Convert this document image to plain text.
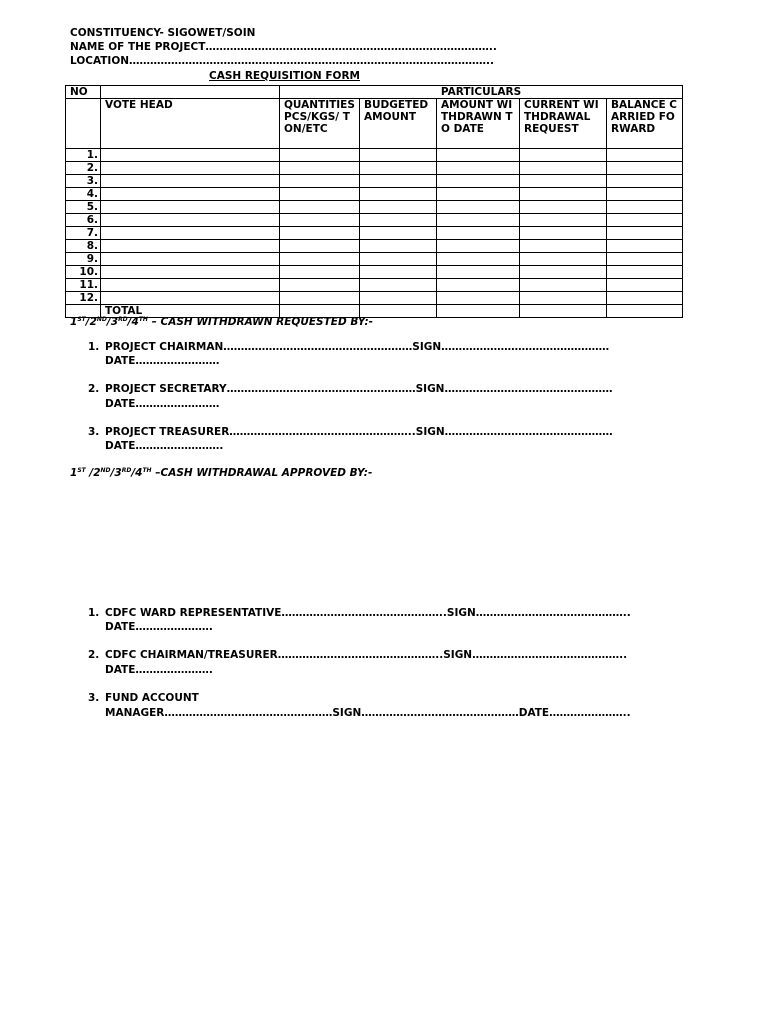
CONSTITUENCY- SIGOWET/SOIN
NAME OF THE PROJECT………………………………………………………………………..
LOCATION…………………………………………………………………………………………..
CASH REQUISITION FORM
NO		PARTICULARS				
	VOTE HEAD	QUANTITIES PCS/KGS/ TON/ETC	BUDGETED AMOUNT	AMOUNT WITHDRAWN TO DATE	CURRENT WITHDRAWAL REQUEST	BALANCE CARRIED FORWARD
1.						
2.						
3.						
4.						
5.						
6.						
7.						
8.						
9.						
10.						
11.						
12.						
	TOTAL					
1ST/2ND/3RD/4TH – CASH WITHDRAWN REQUESTED BY:-
1. PROJECT CHAIRMAN………………………………………………SIGN…………………………………………
DATE……………………
2. PROJECT SECRETARY………………………………………………SIGN…………………………………………
DATE……………………
3. PROJECT TREASURER……………………………………………..SIGN…………………………………………
DATE…………………….
1ST /2ND/3RD/4TH –CASH WITHDRAWAL APPROVED BY:-
1. CDFC WARD REPRESENTATIVE………………………………………..SIGN……………………………………..
DATE………………….
2. CDFC CHAIRMAN/TREASURER………………………………………..SIGN……………………………………..
DATE………………….
3. FUND ACCOUNT
MANAGER…………………………………………SIGN………………………………………DATE…………………..
